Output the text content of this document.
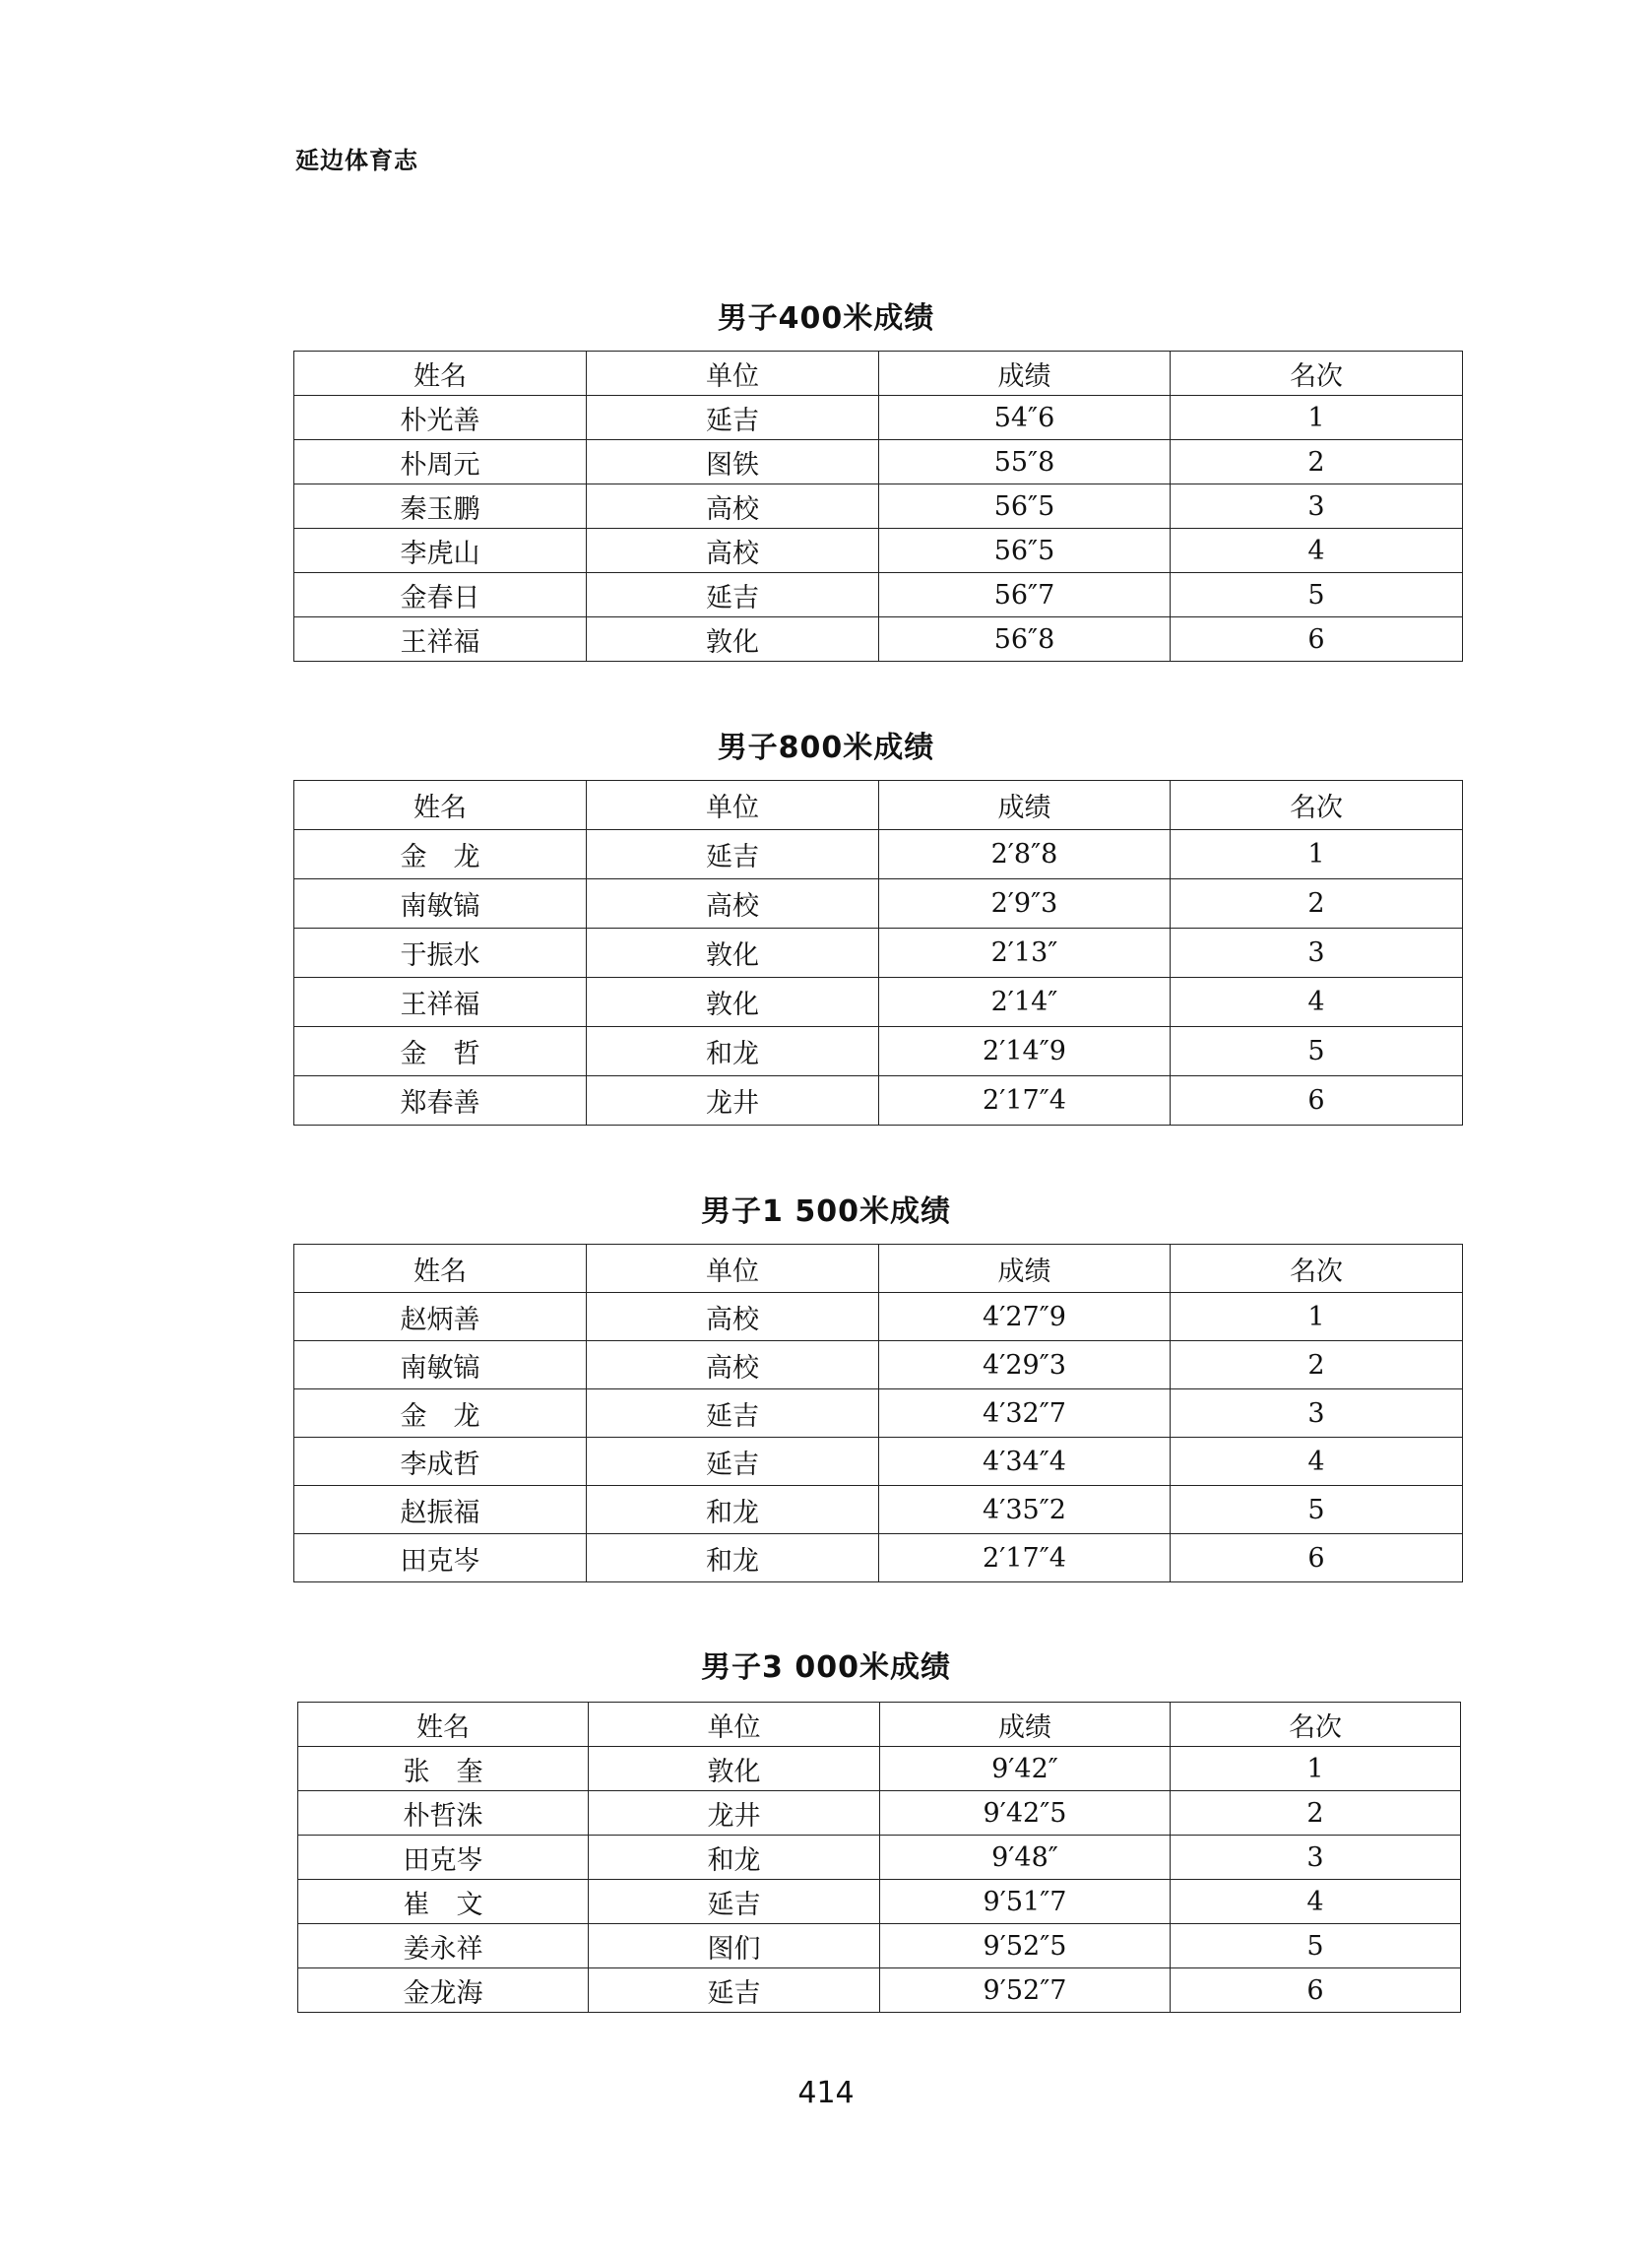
延边体育志
男子400米成绩
姓名	单位	成绩	名次
朴光善	延吉	54″6	1
朴周元	图铁	55″8	2
秦玉鹏	高校	56″5	3
李虎山	高校	56″5	4
金春日	延吉	56″7	5
王祥福	敦化	56″8	6
男子800米成绩
姓名	单位	成绩	名次
金　龙	延吉	2′8″8	1
南敏镐	高校	2′9″3	2
于振水	敦化	2′13″	3
王祥福	敦化	2′14″	4
金　哲	和龙	2′14″9	5
郑春善	龙井	2′17″4	6
男子1 500米成绩
姓名	单位	成绩	名次
赵炳善	高校	4′27″9	1
南敏镐	高校	4′29″3	2
金　龙	延吉	4′32″7	3
李成哲	延吉	4′34″4	4
赵振福	和龙	4′35″2	5
田克岑	和龙	2′17″4	6
男子3 000米成绩
姓名	单位	成绩	名次
张　奎	敦化	9′42″	1
朴哲洙	龙井	9′42″5	2
田克岑	和龙	9′48″	3
崔　文	延吉	9′51″7	4
姜永祥	图们	9′52″5	5
金龙海	延吉	9′52″7	6
414
